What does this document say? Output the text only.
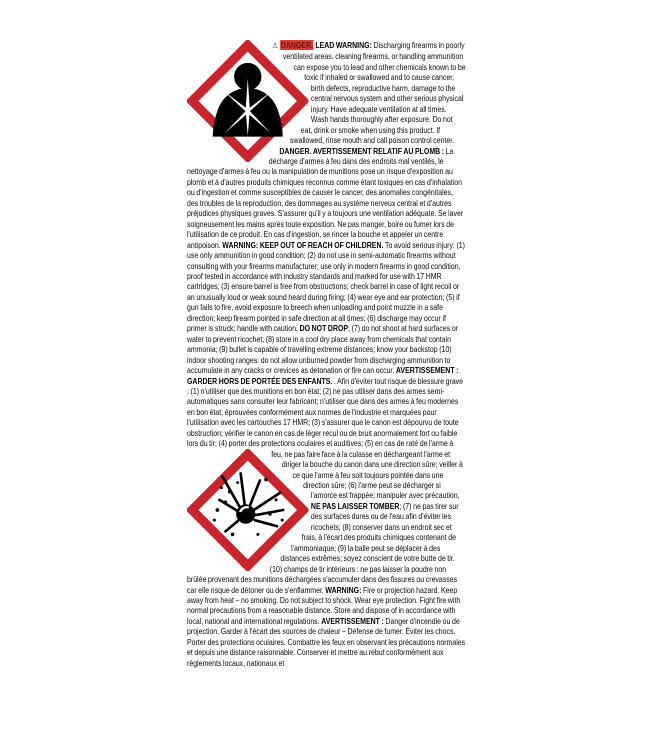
⚠ DANGER. LEAD WARNING: Discharging firearms in poorly ventilated areas, cleaning firearms, or handling ammunition can expose you to lead and other chemicals known to be toxic if inhaled or swallowed and to cause cancer, birth defects, reproductive harm, damage to the central nervous system and other serious physical injury. Have adequate ventilation at all times. Wash hands thoroughly after exposure. Do not eat, drink or smoke when using this product. If swallowed, rinse mouth and call poison control center. DANGER. AVERTISSEMENT RELATIF AU PLOMB : La décharge d'armes à feu dans des endroits mal ventilés, le nettoyage d'armes à feu ou la manipulation de munitions pose un risque d'exposition au plomb et à d'autres produits chimiques reconnus comme étant toxiques en cas d'inhalation ou d'ingestion et comme susceptibles de causer le cancer, des anomalies congénitales, des troubles de la reproduction, des dommages au système nerveux central et d'autres préjudices physiques graves. S'assurer qu'il y a toujours une ventilation adéquate. Se laver soigneusement les mains après toute exposition. Ne pas manger, boire ou fumer lors de l'utilisation de ce produit. En cas d'ingestion, se rincer la bouche et appeler un centre antipoison. WARNING: KEEP OUT OF REACH OF CHILDREN. To avoid serious injury: (1) use only ammunition in good condition; (2) do not use in semi-automatic firearms without consulting with your firearms manufacturer; use only in modern firearms in good condition, proof tested in accordance with industry standards and marked for use with 17 HMR cartridges; (3) ensure barrel is free from obstructions; check barrel in case of light recoil or an unusually loud or weak sound heard during firing; (4) wear eye and ear protection; (5) if gun fails to fire, avoid exposure to breech when unloading and point muzzle in a safe direction; keep firearm pointed in safe direction at all times; (6) discharge may occur if primer is struck; handle with caution, DO NOT DROP; (7) do not shoot at hard surfaces or water to prevent ricochet; (8) store in a cool dry place away from chemicals that contain ammonia; (9) bullet is capable of travelling extreme distances; know your backstop (10) indoor shooting ranges: do not allow unburned powder from discharging ammunition to accumulate in any cracks or crevices as detonation or fire can occur. AVERTISSEMENT : GARDER HORS DE PORTÉE DES ENFANTS. . Afin d'éviter tout risque de blessure grave : (1) n'utiliser que des munitions en bon état; (2) ne pas utiliser dans des armes semi-automatiques sans consulter leur fabricant; n'utiliser que dans des armes à feu modernes en bon état, éprouvées conformément aux normes de l'industrie et marquées pour l'utilisation avec les cartouches 17 HMR; (3) s'assurer que le canon est dépourvu de toute obstruction; vérifier le canon en cas de léger recul ou de bruit anormalement fort ou faible lors du tir; (4) porter des protections oculaires et auditives; (5) en cas de raté de l'arme
à feu, ne pas faire face à la culasse en déchargeant l'arme et diriger la bouche du canon dans une direction sûre; veiller à ce que l'arme à feu soit toujours pointée dans une direction sûre; (6) l'arme peut se décharger si l'amorce est frappée; manipuler avec précaution, NE PAS LAISSER TOMBER; (7) ne pas tirer sur des surfaces dures ou de l'eau afin d'éviter les ricochets; (8) conserver dans un endroit sec et frais, à l'écart des produits chimiques contenant de l'ammoniaque; (9) la balle peut se déplacer à des distances extrêmes; soyez conscient de votre butte de tir. (10) champs de tir intérieurs : ne pas laisser la poudre non brûlée provenant des munitions déchargées s'accumuler dans des fissures ou crevasses car elle risque de détoner ou de s'enflammer. WARNING: Fire or projection hazard. Keep away from heat – no smoking. Do not subject to shock. Wear eye protection. Fight fire with normal precautions from a reasonable distance. Store and dispose of in accordance with local, national and international regulations. AVERTISSEMENT : Danger d'incendie ou de projection. Garder à l'écart des sources de chaleur – Défense de fumer. Éviter les chocs. Porter des protections oculaires. Combattre les feux en observant les précautions normales et depuis une distance raisonnable. Conserver et mettre au rebut conformément aux règlements locaux, nationaux et
